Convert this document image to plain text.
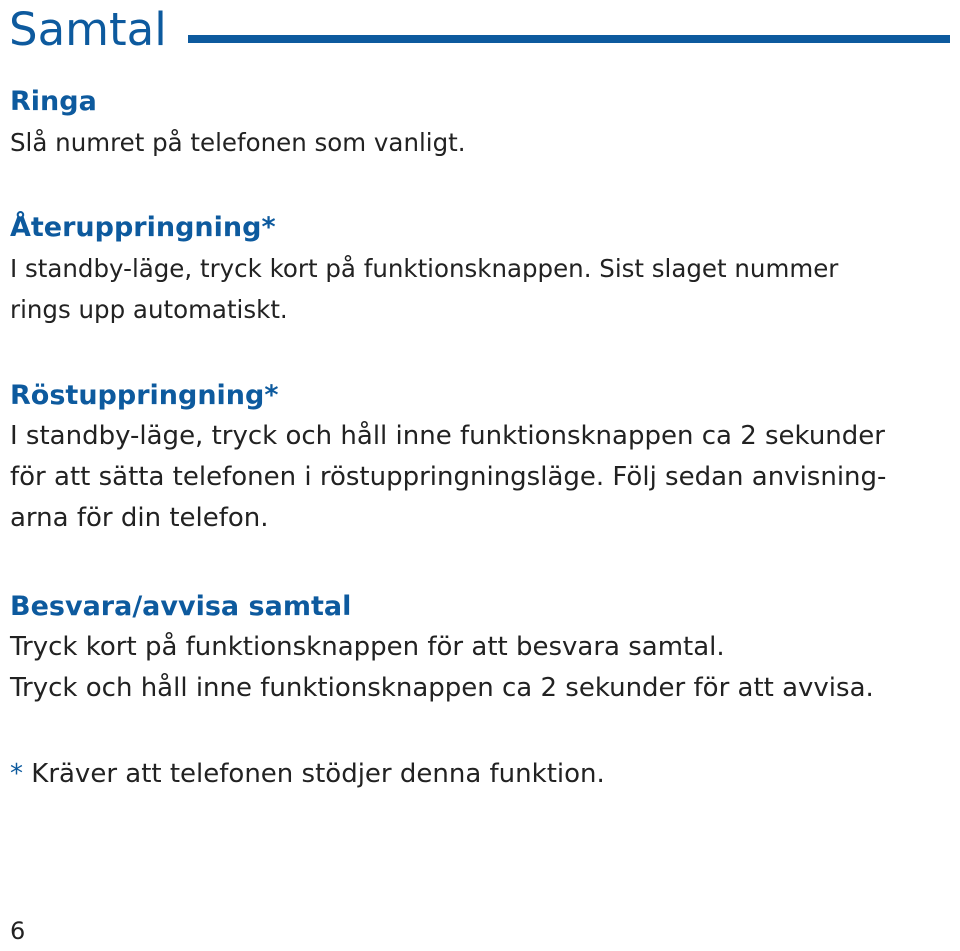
Samtal
Ringa

Slå numret på telefonen som vanligt.

Återuppringning*

I standby-läge, tryck kort på funktionsknappen. Sist slaget nummer
rings upp automatiskt.

Röstuppringning*

I standby-läge, tryck och håll inne funktionsknappen ca 2 sekunder
för att sätta telefonen i röstuppringningsläge. Följ sedan anvisning-
arna för din telefon.

Besvara/avvisa samtal

Tryck kort på funktionsknappen för att besvara samtal.
Tryck och håll inne funktionsknappen ca 2 sekunder för att avvisa.

* Kräver att telefonen stödjer denna funktion.

6
